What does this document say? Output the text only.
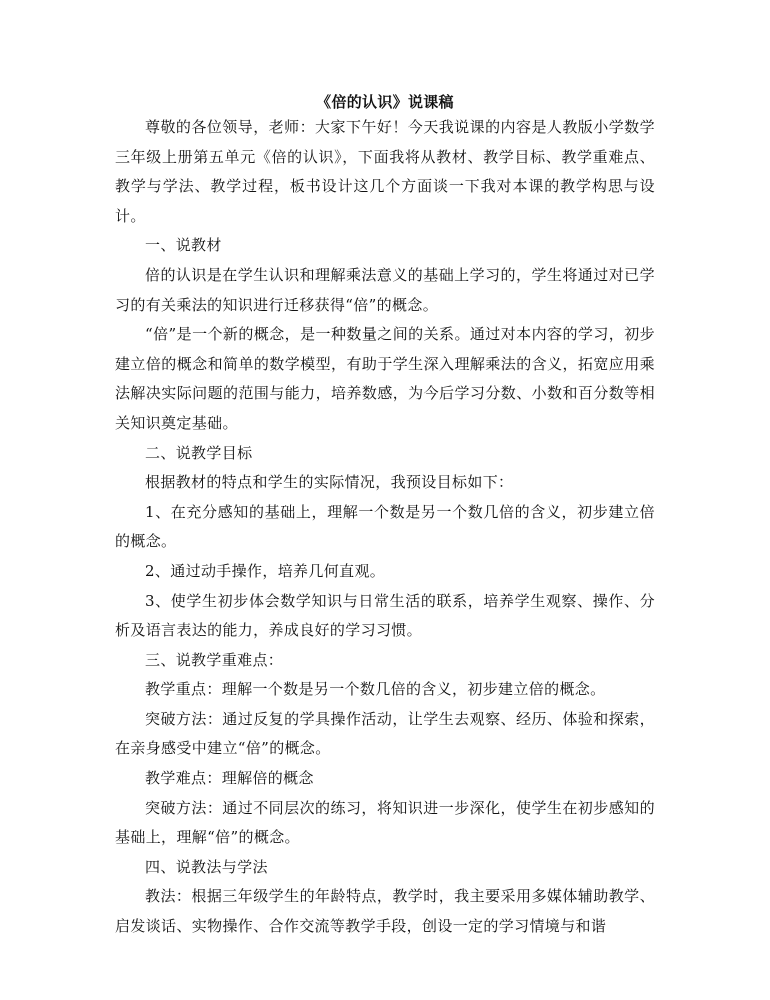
《倍的认识》说课稿

尊敬的各位领导，老师：大家下午好！今天我说课的内容是人教版小学数学三年级上册第五单元《倍的认识》，下面我将从教材、教学目标、教学重难点、教学与学法、教学过程，板书设计这几个方面谈一下我对本课的教学构思与设计。

一、说教材

倍的认识是在学生认识和理解乘法意义的基础上学习的，学生将通过对已学习的有关乘法的知识进行迁移获得“倍”的概念。

“倍”是一个新的概念，是一种数量之间的关系。通过对本内容的学习，初步建立倍的概念和简单的数学模型，有助于学生深入理解乘法的含义，拓宽应用乘法解决实际问题的范围与能力，培养数感，为今后学习分数、小数和百分数等相关知识奠定基础。

二、说教学目标

根据教材的特点和学生的实际情况，我预设目标如下：

1、在充分感知的基础上，理解一个数是另一个数几倍的含义，初步建立倍的概念。

2、通过动手操作，培养几何直观。

3、使学生初步体会数学知识与日常生活的联系，培养学生观察、操作、分析及语言表达的能力，养成良好的学习习惯。

三、说教学重难点：

教学重点：理解一个数是另一个数几倍的含义，初步建立倍的概念。

突破方法：通过反复的学具操作活动，让学生去观察、经历、体验和探索，在亲身感受中建立“倍”的概念。

教学难点：理解倍的概念

突破方法：通过不同层次的练习，将知识进一步深化，使学生在初步感知的基础上，理解“倍”的概念。

四、说教法与学法

教法：根据三年级学生的年龄特点，教学时，我主要采用多媒体辅助教学、启发谈话、实物操作、合作交流等教学手段，创设一定的学习情境与和谐
